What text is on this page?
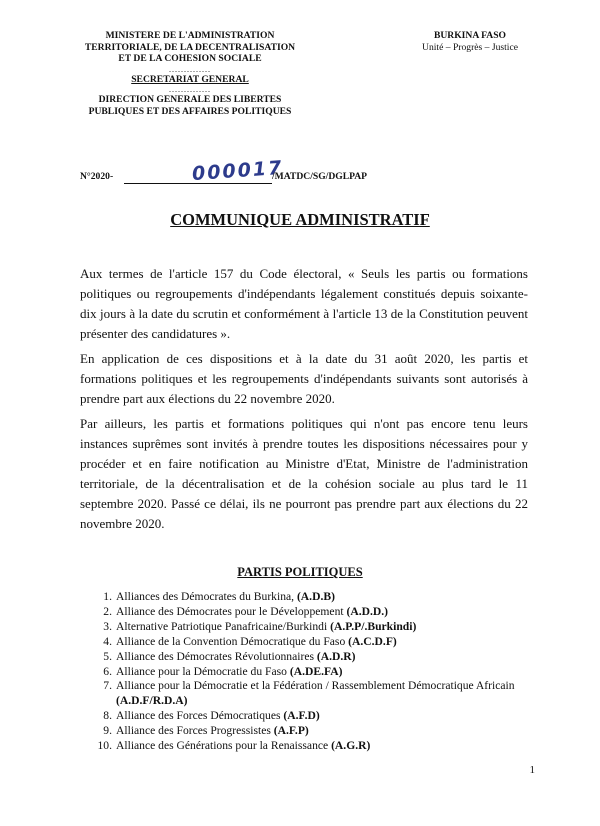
MINISTERE DE L'ADMINISTRATION
TERRITORIALE, DE LA DECENTRALISATION
ET DE LA COHESION SOCIALE
..............
SECRETARIAT GENERAL
..............
DIRECTION GENERALE DES LIBERTES
PUBLIQUES ET DES AFFAIRES POLITIQUES
BURKINA FASO
Unité – Progrès – Justice
N°2020-	000017
/MATDC/SG/DGLPAP
COMMUNIQUE ADMINISTRATIF

Aux termes de l'article 157 du Code électoral, « Seuls les partis ou formations politiques ou regroupements d'indépendants légalement constitués depuis soixante-dix jours à la date du scrutin et conformément à l'article 13 de la Constitution peuvent présenter des candidatures ».

En application de ces dispositions et à la date du 31 août 2020, les partis et formations politiques et les regroupements d'indépendants suivants sont autorisés à prendre part aux élections du 22 novembre 2020.

Par ailleurs, les partis et formations politiques qui n'ont pas encore tenu leurs instances suprêmes sont invités à prendre toutes les dispositions nécessaires pour y procéder et en faire notification au Ministre d'Etat, Ministre de l'administration territoriale, de la décentralisation et de la cohésion sociale au plus tard le 11 septembre 2020. Passé ce délai, ils ne pourront pas prendre part aux élections du 22 novembre 2020.

PARTIS POLITIQUES
1. Alliances des Démocrates du Burkina, (A.D.B)
2. Alliance des Démocrates pour le Développement (A.D.D.)
3. Alternative Patriotique Panafricaine/Burkindi (A.P.P/.Burkindi)
4. Alliance de la Convention Démocratique du Faso (A.C.D.F)
5. Alliance des Démocrates Révolutionnaires (A.D.R)
6. Alliance pour la Démocratie du Faso (A.DE.FA)
7. Alliance pour la Démocratie et la Fédération / Rassemblement Démocratique Africain (A.D.F/R.D.A)
8. Alliance des Forces Démocratiques (A.F.D)
9. Alliance des Forces Progressistes (A.F.P)
10. Alliance des Générations pour la Renaissance (A.G.R)
1
